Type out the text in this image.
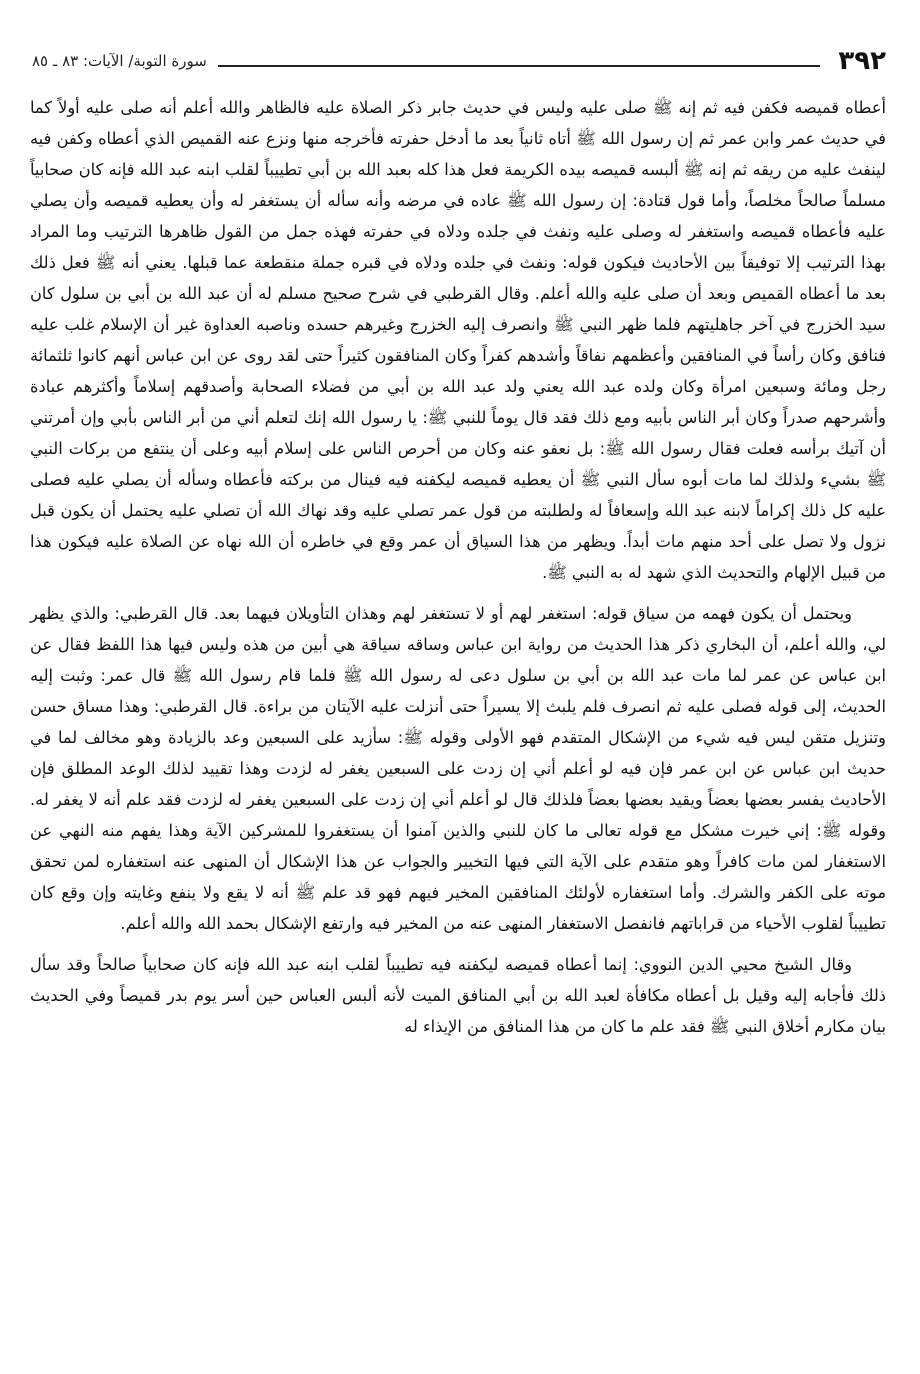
٣٩٢
سورة التوبة/ الآيات: ٨٣ ـ ٨٥

أعطاه قميصه فكفن فيه ثم إنه ﷺ صلى عليه وليس في حديث جابر ذكر الصلاة عليه فالظاهر والله أعلم أنه صلى عليه أولاً كما في حديث عمر وابن عمر ثم إن رسول الله ﷺ أتاه ثانياً بعد ما أدخل حفرته فأخرجه منها ونزع عنه القميص الذي أعطاه وكفن فيه لينفث عليه من ريقه ثم إنه ﷺ ألبسه قميصه بيده الكريمة فعل هذا كله بعبد الله بن أبي تطييباً لقلب ابنه عبد الله فإنه كان صحابياً مسلماً صالحاً مخلصاً، وأما قول قتادة: إن رسول الله ﷺ عاده في مرضه وأنه سأله أن يستغفر له وأن يعطيه قميصه وأن يصلي عليه فأعطاه قميصه واستغفر له وصلى عليه ونفث في جلده ودلاه في حفرته فهذه جمل من القول ظاهرها الترتيب وما المراد بهذا الترتيب إلا توفيقاً بين الأحاديث فيكون قوله: ونفث في جلده ودلاه في قبره جملة منقطعة عما قبلها. يعني أنه ﷺ فعل ذلك بعد ما أعطاه القميص وبعد أن صلى عليه والله أعلم. وقال القرطبي في شرح صحيح مسلم له أن عبد الله بن أبي بن سلول كان سيد الخزرج في آخر جاهليتهم فلما ظهر النبي ﷺ وانصرف إليه الخزرج وغيرهم حسده وناصبه العداوة غير أن الإسلام غلب عليه فنافق وكان رأساً في المنافقين وأعظمهم نفاقاً وأشدهم كفراً وكان المنافقون كثيراً حتى لقد روى عن ابن عباس أنهم كانوا ثلثمائة رجل ومائة وسبعين امرأة وكان ولده عبد الله يعني ولد عبد الله بن أبي من فضلاء الصحابة وأصدقهم إسلاماً وأكثرهم عبادة وأشرحهم صدراً وكان أبر الناس بأبيه ومع ذلك فقد قال يوماً للنبي ﷺ: يا رسول الله إنك لتعلم أني من أبر الناس بأبي وإن أمرتني أن آتيك برأسه فعلت فقال رسول الله ﷺ: بل نعفو عنه وكان من أحرص الناس على إسلام أبيه وعلى أن ينتفع من بركات النبي ﷺ بشيء ولذلك لما مات أبوه سأل النبي ﷺ أن يعطيه قميصه ليكفنه فيه فينال من بركته فأعطاه وسأله أن يصلي عليه فصلى عليه كل ذلك إكراماً لابنه عبد الله وإسعافاً له ولطلبته من قول عمر تصلي عليه وقد نهاك الله أن تصلي عليه يحتمل أن يكون قبل نزول ولا تصل على أحد منهم مات أبداً. ويظهر من هذا السياق أن عمر وقع في خاطره أن الله نهاه عن الصلاة عليه فيكون هذا من قبيل الإلهام والتحديث الذي شهد له به النبي ﷺ.

ويحتمل أن يكون فهمه من سياق قوله: استغفر لهم أو لا تستغفر لهم وهذان التأويلان فيهما بعد. قال القرطبي: والذي يظهر لي، والله أعلم، أن البخاري ذكر هذا الحديث من رواية ابن عباس وساقه سياقة هي أبين من هذه وليس فيها هذا اللفظ فقال عن ابن عباس عن عمر لما مات عبد الله بن أبي بن سلول دعى له رسول الله ﷺ فلما قام رسول الله ﷺ قال عمر: وثبت إليه الحديث، إلى قوله فصلى عليه ثم انصرف فلم يلبث إلا يسيراً حتى أنزلت عليه الآيتان من براءة. قال القرطبي: وهذا مساق حسن وتنزيل متقن ليس فيه شيء من الإشكال المتقدم فهو الأولى وقوله ﷺ: سأزيد على السبعين وعد بالزيادة وهو مخالف لما في حديث ابن عباس عن ابن عمر فإن فيه لو أعلم أني إن زدت على السبعين يغفر له لزدت وهذا تقييد لذلك الوعد المطلق فإن الأحاديث يفسر بعضها بعضاً ويقيد بعضها بعضاً فلذلك قال لو أعلم أني إن زدت على السبعين يغفر له لزدت فقد علم أنه لا يغفر له. وقوله ﷺ: إني خيرت مشكل مع قوله تعالى ما كان للنبي والذين آمنوا أن يستغفروا للمشركين الآية وهذا يفهم منه النهي عن الاستغفار لمن مات كافراً وهو متقدم على الآية التي فيها التخيير والجواب عن هذا الإشكال أن المنهى عنه استغفاره لمن تحقق موته على الكفر والشرك. وأما استغفاره لأولئك المنافقين المخير فيهم فهو قد علم ﷺ أنه لا يقع ولا ينفع وغايته وإن وقع كان تطييباً لقلوب الأحياء من قراباتهم فانفصل الاستغفار المنهى عنه من المخير فيه وارتفع الإشكال بحمد الله والله أعلم.

وقال الشيخ محيي الدين النووي: إنما أعطاه قميصه ليكفنه فيه تطييباً لقلب ابنه عبد الله فإنه كان صحابياً صالحاً وقد سأل ذلك فأجابه إليه وقيل بل أعطاه مكافأة لعبد الله بن أبي المنافق الميت لأنه ألبس العباس حين أسر يوم بدر قميصاً وفي الحديث بيان مكارم أخلاق النبي ﷺ فقد علم ما كان من هذا المنافق من الإيذاء له
